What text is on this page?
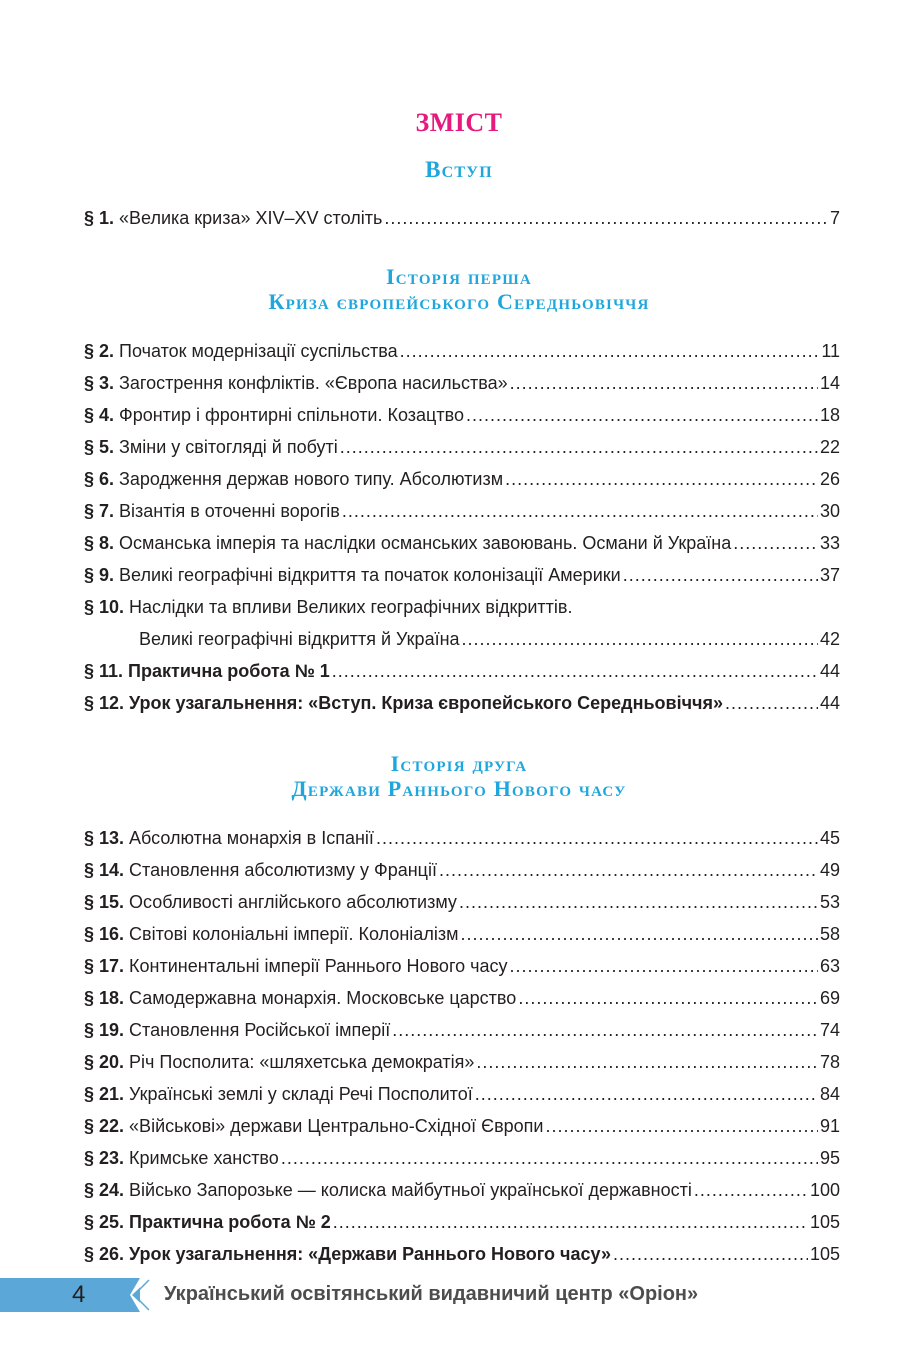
ЗМІСТ
Вступ
§ 1. «Велика криза» XIV–XV століть .....	7
Історія перша
Криза європейського Середньовіччя
§ 2. Початок модернізації суспільства .....	11
§ 3. Загострення конфліктів. «Європа насильства» .....	14
§ 4. Фронтир і фронтирні спільноти. Козацтво .....	18
§ 5. Зміни у світогляді й побуті .....	22
§ 6. Зародження держав нового типу. Абсолютизм .....	26
§ 7. Візантія в оточенні ворогів .....	30
§ 8. Османська імперія та наслідки османських завоювань. Османи й Україна .....	33
§ 9. Великі географічні відкриття та початок колонізації Америки .....	37
§ 10. Наслідки та впливи Великих географічних відкриттів.
Великі географічні відкриття й Україна .....	42
§ 11. Практична робота № 1 .....	44
§ 12. Урок узагальнення: «Вступ. Криза європейського Середньовіччя» .....	44
Історія друга
Держави Раннього Нового часу
§ 13. Абсолютна монархія в Іспанії .....	45
§ 14. Становлення абсолютизму у Франції .....	49
§ 15. Особливості англійського абсолютизму .....	53
§ 16. Світові колоніальні імперії. Колоніалізм .....	58
§ 17. Континентальні імперії Раннього Нового часу .....	63
§ 18. Самодержавна монархія. Московське царство .....	69
§ 19. Становлення Російської імперії .....	74
§ 20. Річ Посполита: «шляхетська демократія» .....	78
§ 21. Українські землі у складі Речі Посполитої .....	84
§ 22. «Військові» держави Центрально-Східної Європи .....	91
§ 23. Кримське ханство .....	95
§ 24. Військо Запорозьке — колиска майбутньої української державності .....	100
§ 25. Практична робота № 2 .....	105
§ 26. Урок узагальнення: «Держави Раннього Нового часу» .....	105
4	Український освітянський видавничий центр «Оріон»
